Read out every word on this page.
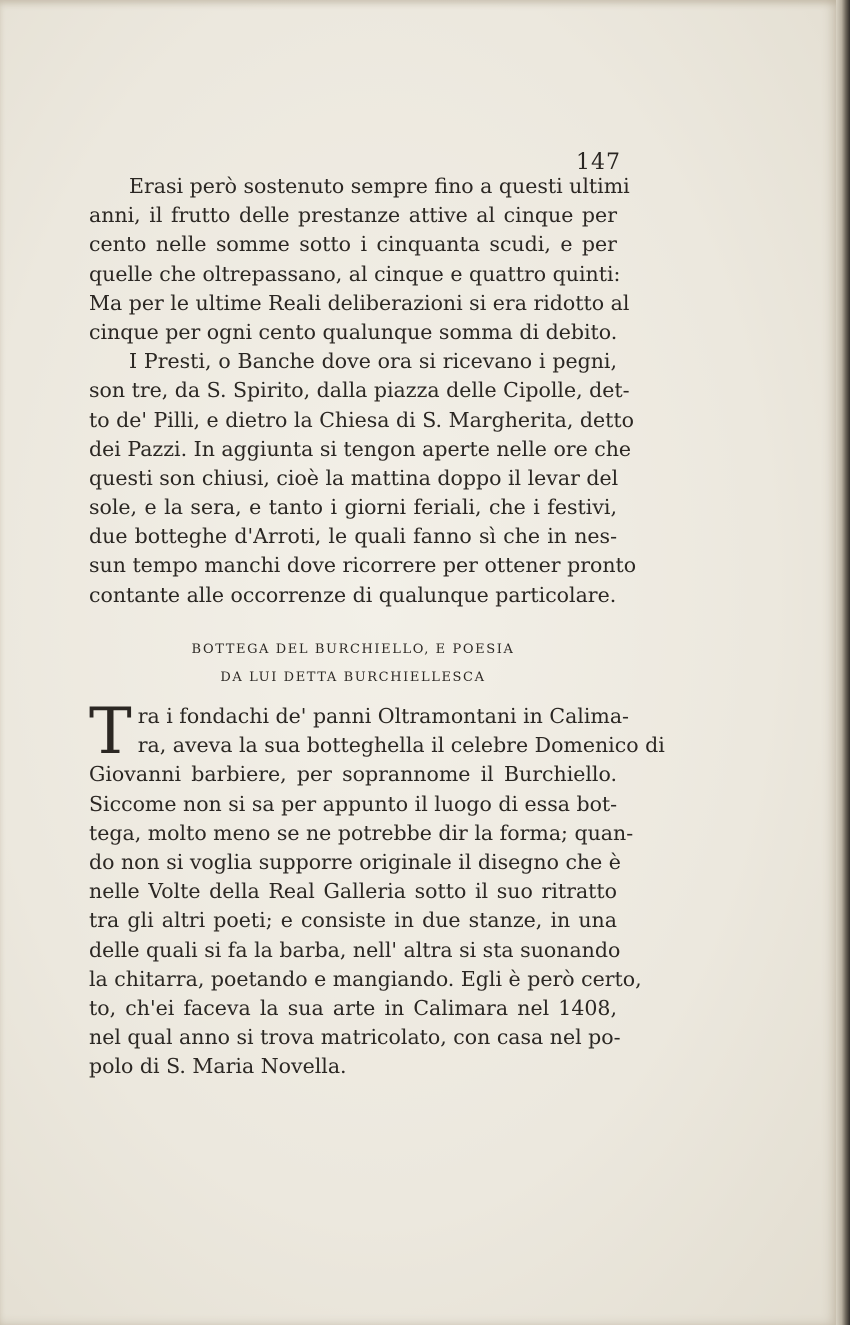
147
Erasi però sostenuto sempre fino a questi ultimi
anni, il frutto delle prestanze attive al cinque per
cento nelle somme sotto i cinquanta scudi, e per
quelle che oltrepassano, al cinque e quattro quinti:
Ma per le ultime Reali deliberazioni si era ridotto al
cinque per ogni cento qualunque somma di debito.
I Presti, o Banche dove ora si ricevano i pegni,
son tre, da S. Spirito, dalla piazza delle Cipolle, det-
to de' Pilli, e dietro la Chiesa di S. Margherita, detto
dei Pazzi. In aggiunta si tengon aperte nelle ore che
questi son chiusi, cioè la mattina doppo il levar del
sole, e la sera, e tanto i giorni feriali, che i festivi,
due botteghe d'Arroti, le quali fanno sì che in nes-
sun tempo manchi dove ricorrere per ottener pronto
contante alle occorrenze di qualunque particolare.
BOTTEGA DEL BURCHIELLO, E POESIA
DA LUI DETTA BURCHIELLESCA
T ra i fondachi de' panni Oltramontani in Calima-
ra, aveva la sua botteghella il celebre Domenico di
Giovanni barbiere, per soprannome il Burchiello.
Siccome non si sa per appunto il luogo di essa bot-
tega, molto meno se ne potrebbe dir la forma; quan-
do non si voglia supporre originale il disegno che è
nelle Volte della Real Galleria sotto il suo ritratto
tra gli altri poeti; e consiste in due stanze, in una
delle quali si fa la barba, nell' altra si sta suonando
la chitarra, poetando e mangiando. Egli è però certo,
to, ch'ei faceva la sua arte in Calimara nel 1408,
nel qual anno si trova matricolato, con casa nel po-
polo di S. Maria Novella.
